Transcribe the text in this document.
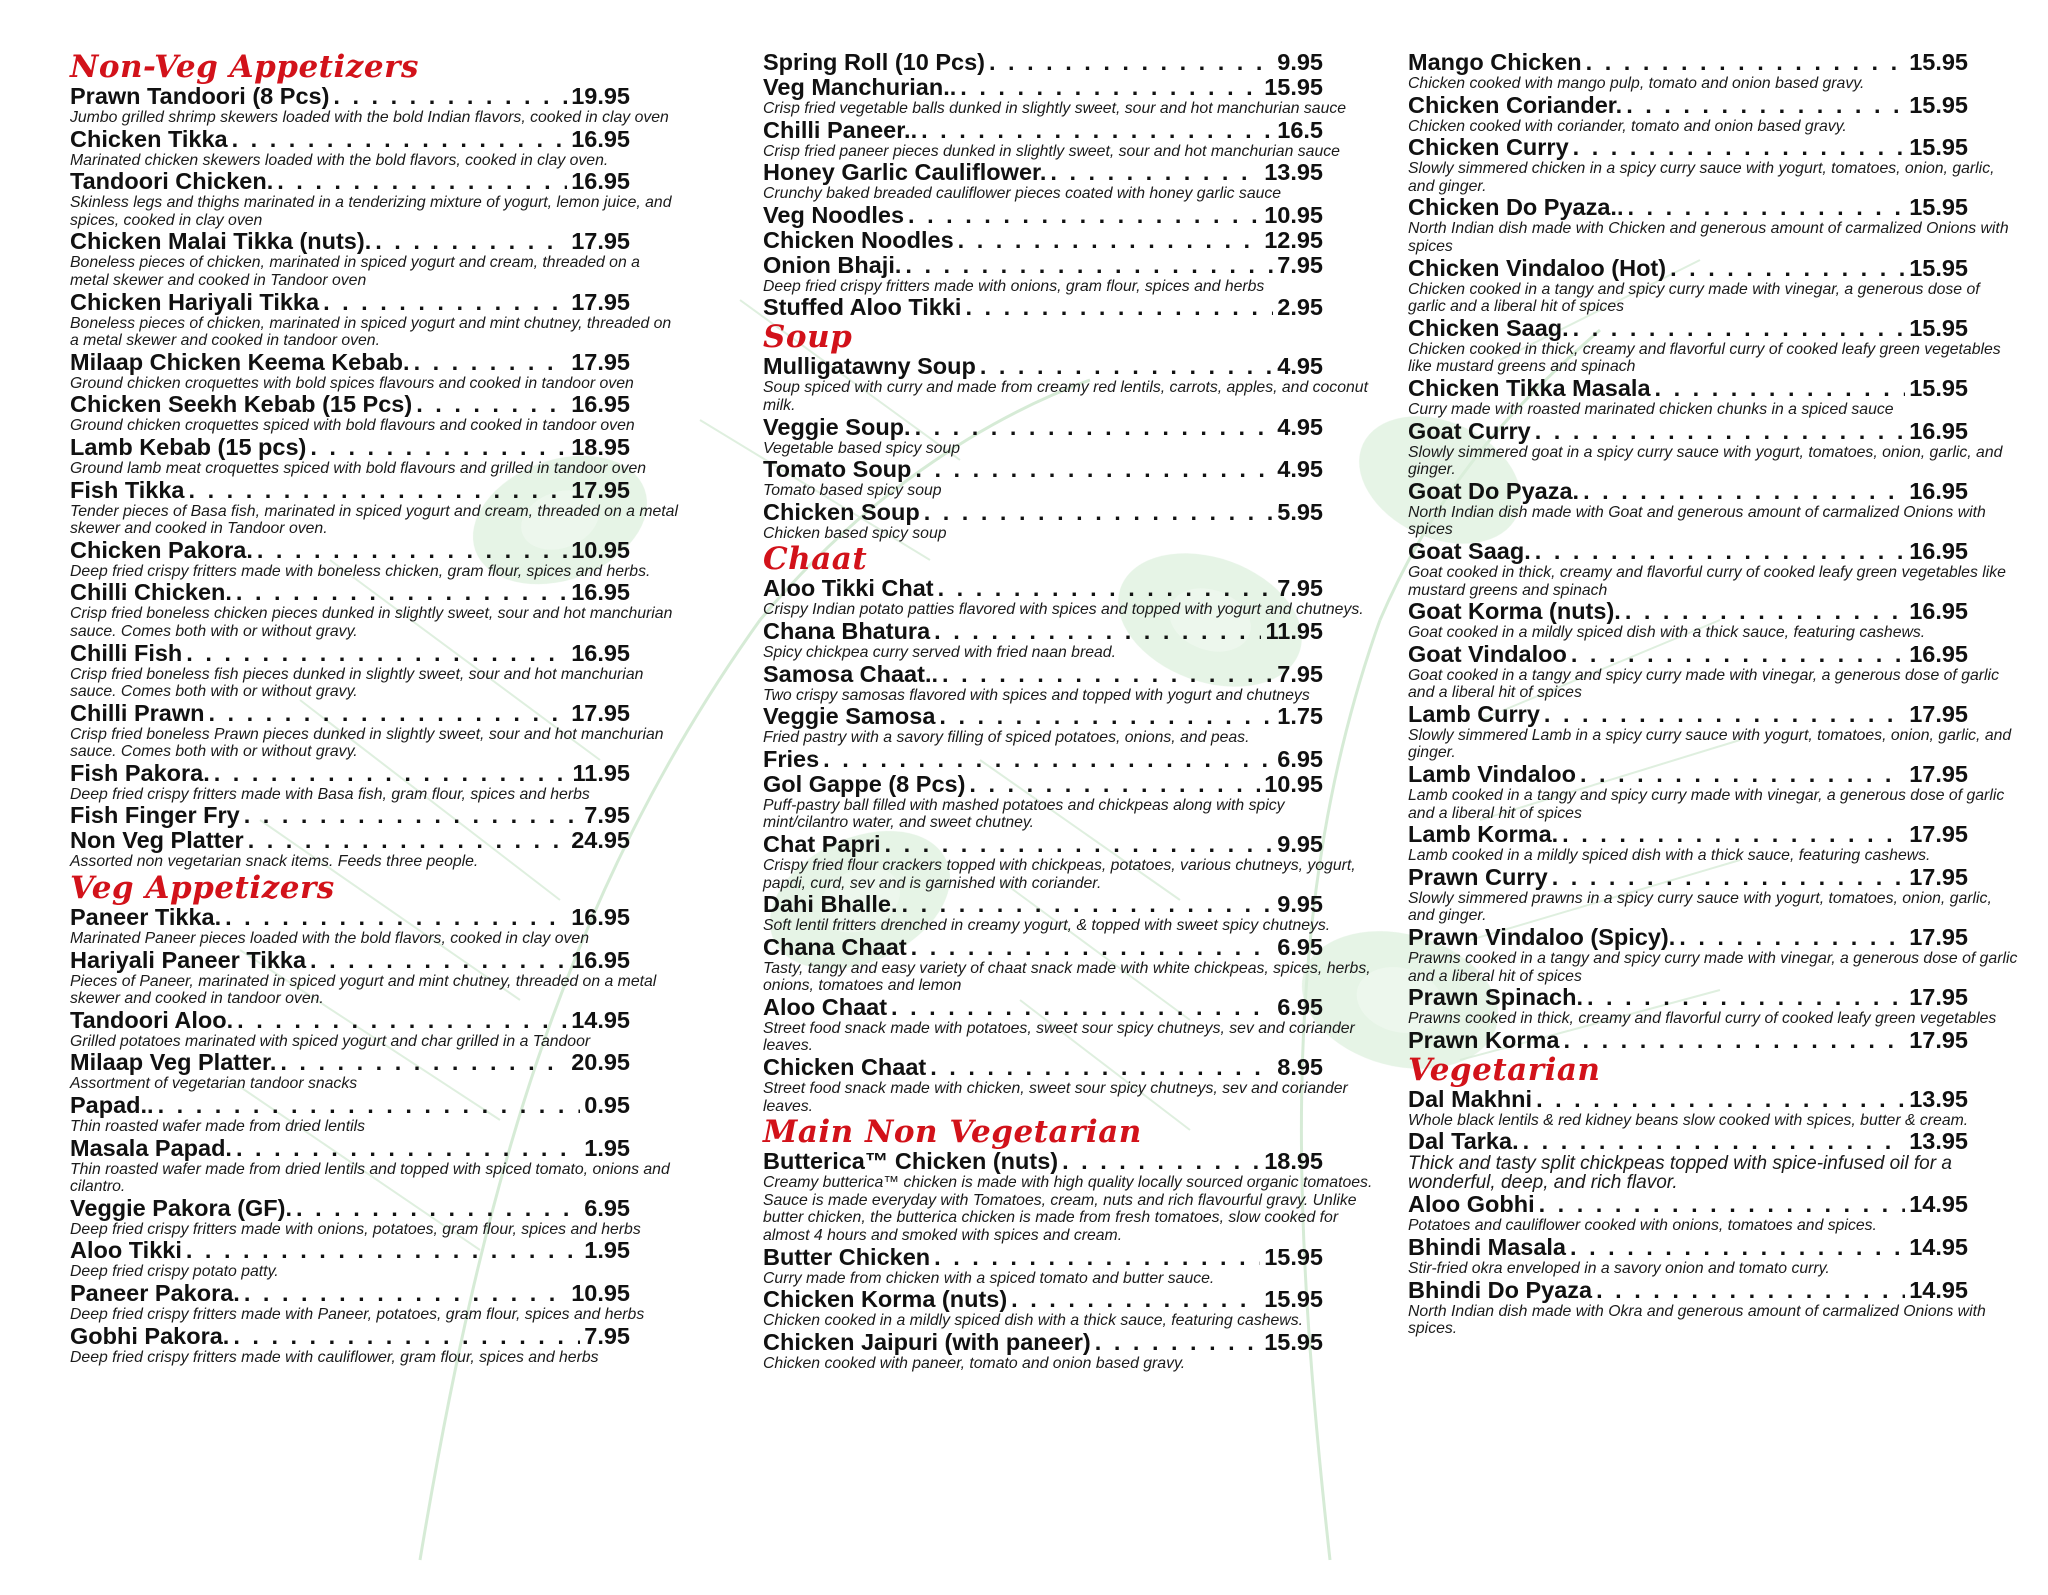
Non-Veg Appetizers
Prawn Tandoori (8 Pcs) . . .	19.95
Jumbo grilled shrimp skewers loaded with the bold Indian flavors, cooked in clay oven
Chicken Tikka . . .	16.95
Marinated chicken skewers loaded with the bold flavors, cooked in clay oven.
Tandoori Chicken. . . .	16.95
Skinless legs and thighs marinated in a tenderizing mixture of yogurt, lemon juice, and spices, cooked in clay oven
Chicken Malai Tikka (nuts). . . .	17.95
Boneless pieces of chicken, marinated in spiced yogurt and cream, threaded on a metal skewer and cooked in Tandoor oven
Chicken Hariyali Tikka . . .	17.95
Boneless pieces of chicken, marinated in spiced yogurt and mint chutney, threaded on a metal skewer and cooked in tandoor oven.
Milaap Chicken Keema Kebab. . . .	17.95
Ground chicken croquettes with bold spices flavours and cooked in tandoor oven
Chicken Seekh Kebab (15 Pcs) . . .	16.95
Ground chicken croquettes spiced with bold flavours and cooked in tandoor oven
Lamb Kebab (15 pcs) . . .	18.95
Ground lamb meat croquettes spiced with bold flavours and grilled in tandoor oven
Fish Tikka . . .	17.95
Tender pieces of Basa fish, marinated in spiced yogurt and cream, threaded on a metal skewer and cooked in Tandoor oven.
Chicken Pakora. . . .	10.95
Deep fried crispy fritters made with boneless chicken, gram flour, spices and herbs.
Chilli Chicken. . . .	16.95
Crisp fried boneless chicken pieces dunked in slightly sweet, sour and hot manchurian sauce. Comes both with or without gravy.
Chilli Fish . . .	16.95
Crisp fried boneless fish pieces dunked in slightly sweet, sour and hot manchurian sauce. Comes both with or without gravy.
Chilli Prawn . . .	17.95
Crisp fried boneless Prawn pieces dunked in slightly sweet, sour and hot manchurian sauce. Comes both with or without gravy.
Fish Pakora. . . .	11.95
Deep fried crispy fritters made with Basa fish, gram flour, spices and herbs
Fish Finger Fry . . .	7.95
Non Veg Platter . . .	24.95
Assorted non vegetarian snack items. Feeds three people.
Veg Appetizers
Paneer Tikka. . . .	16.95
Marinated Paneer pieces loaded with the bold flavors, cooked in clay oven
Hariyali Paneer Tikka . . .	16.95
Pieces of Paneer, marinated in spiced yogurt and mint chutney, threaded on a metal skewer and cooked in tandoor oven.
Tandoori Aloo. . . .	14.95
Grilled potatoes marinated with spiced yogurt and char grilled in a Tandoor
Milaap Veg Platter. . . .	20.95
Assortment of vegetarian tandoor snacks
Papad.. . . .	0.95
Thin roasted wafer made from dried lentils
Masala Papad. . . .	1.95
Thin roasted wafer made from dried lentils and topped with spiced tomato, onions and cilantro.
Veggie Pakora (GF). . . .	6.95
Deep fried crispy fritters made with onions, potatoes, gram flour, spices and herbs
Aloo Tikki . . .	1.95
Deep fried crispy potato patty.
Paneer Pakora. . . .	10.95
Deep fried crispy fritters made with Paneer, potatoes, gram flour, spices and herbs
Gobhi Pakora. . . .	7.95
Deep fried crispy fritters made with cauliflower, gram flour, spices and herbs
Spring Roll (10 Pcs) . . .	9.95
Veg Manchurian.. . . .	15.95
Crisp fried vegetable balls dunked in slightly sweet, sour and hot manchurian sauce
Chilli Paneer.. . . .	16.5
Crisp fried paneer pieces dunked in slightly sweet, sour and hot manchurian sauce
Honey Garlic Cauliflower. . . .	13.95
Crunchy baked breaded cauliflower pieces coated with honey garlic sauce
Veg Noodles . . .	10.95
Chicken Noodles . . .	12.95
Onion Bhaji. . . .	7.95
Deep fried crispy fritters made with onions, gram flour, spices and herbs
Stuffed Aloo Tikki . . .	2.95
Soup
Mulligatawny Soup . . .	4.95
Soup spiced with curry and made from creamy red lentils, carrots, apples, and coconut milk.
Veggie Soup. . . .	4.95
Vegetable based spicy soup
Tomato Soup . . .	4.95
Tomato based spicy soup
Chicken Soup . . .	5.95
Chicken based spicy soup
Chaat
Aloo Tikki Chat . . .	7.95
Crispy Indian potato patties flavored with spices and topped with yogurt and chutneys.
Chana Bhatura . . .	11.95
Spicy chickpea curry served with fried naan bread.
Samosa Chaat.. . . .	7.95
Two crispy samosas flavored with spices and topped with yogurt and chutneys
Veggie Samosa . . .	1.75
Fried pastry with a savory filling of spiced potatoes, onions, and peas.
Fries . . .	6.95
Gol Gappe (8 Pcs) . . .	10.95
Puff-pastry ball filled with mashed potatoes and chickpeas along with spicy mint/cilantro water, and sweet chutney.
Chat Papri . . .	9.95
Crispy fried flour crackers topped with chickpeas, potatoes, various chutneys, yogurt, papdi, curd, sev and is garnished with coriander.
Dahi Bhalle. . . .	9.95
Soft lentil fritters drenched in creamy yogurt, & topped with sweet spicy chutneys.
Chana Chaat . . .	6.95
Tasty, tangy and easy variety of chaat snack made with white chickpeas, spices, herbs, onions, tomatoes and lemon
Aloo Chaat . . .	6.95
Street food snack made with potatoes, sweet sour spicy chutneys, sev and coriander leaves.
Chicken Chaat . . .	8.95
Street food snack made with chicken, sweet sour spicy chutneys, sev and coriander leaves.
Main Non Vegetarian
Butterica™ Chicken (nuts) . . .	18.95
Creamy butterica™ chicken is made with high quality locally sourced organic tomatoes. Sauce is made everyday with Tomatoes, cream, nuts and rich flavourful gravy. Unlike butter chicken, the butterica chicken is made from fresh tomatoes, slow cooked for almost 4 hours and smoked with spices and cream.
Butter Chicken . . .	15.95
Curry made from chicken with a spiced tomato and butter sauce.
Chicken Korma (nuts) . . .	15.95
Chicken cooked in a mildly spiced dish with a thick sauce, featuring cashews.
Chicken Jaipuri (with paneer) . . .	15.95
Chicken cooked with paneer, tomato and onion based gravy.
Mango Chicken . . .	15.95
Chicken cooked with mango pulp, tomato and onion based gravy.
Chicken Coriander. . . .	15.95
Chicken cooked with coriander, tomato and onion based gravy.
Chicken Curry . . .	15.95
Slowly simmered chicken in a spicy curry sauce with yogurt, tomatoes, onion, garlic, and ginger.
Chicken Do Pyaza.. . . .	15.95
North Indian dish made with Chicken and generous amount of carmalized Onions with spices
Chicken Vindaloo (Hot) . . .	15.95
Chicken cooked in a tangy and spicy curry made with vinegar, a generous dose of garlic and a liberal hit of spices
Chicken Saag. . . .	15.95
Chicken cooked in thick, creamy and flavorful curry of cooked leafy green vegetables like mustard greens and spinach
Chicken Tikka Masala . . .	15.95
Curry made with roasted marinated chicken chunks in a spiced sauce
Goat Curry . . .	16.95
Slowly simmered goat in a spicy curry sauce with yogurt, tomatoes, onion, garlic, and ginger.
Goat Do Pyaza. . . .	16.95
North Indian dish made with Goat and generous amount of carmalized Onions with spices
Goat Saag. . . .	16.95
Goat cooked in thick, creamy and flavorful curry of cooked leafy green vegetables like mustard greens and spinach
Goat Korma (nuts). . . .	16.95
Goat cooked in a mildly spiced dish with a thick sauce, featuring cashews.
Goat Vindaloo . . .	16.95
Goat cooked in a tangy and spicy curry made with vinegar, a generous dose of garlic and a liberal hit of spices
Lamb Curry . . .	17.95
Slowly simmered Lamb in a spicy curry sauce with yogurt, tomatoes, onion, garlic, and ginger.
Lamb Vindaloo . . .	17.95
Lamb cooked in a tangy and spicy curry made with vinegar, a generous dose of garlic and a liberal hit of spices
Lamb Korma. . . .	17.95
Lamb cooked in a mildly spiced dish with a thick sauce, featuring cashews.
Prawn Curry . . .	17.95
Slowly simmered prawns in a spicy curry sauce with yogurt, tomatoes, onion, garlic, and ginger.
Prawn Vindaloo (Spicy). . . .	17.95
Prawns cooked in a tangy and spicy curry made with vinegar, a generous dose of garlic and a liberal hit of spices
Prawn Spinach. . . .	17.95
Prawns cooked in thick, creamy and flavorful curry of cooked leafy green vegetables
Prawn Korma . . .	17.95
Vegetarian
Dal Makhni . . .	13.95
Whole black lentils & red kidney beans slow cooked with spices, butter & cream.
Dal Tarka. . . .	13.95
Thick and tasty split chickpeas topped with spice-infused oil for a wonderful, deep, and rich flavor.
Aloo Gobhi . . .	14.95
Potatoes and cauliflower cooked with onions, tomatoes and spices.
Bhindi Masala . . .	14.95
Stir-fried okra enveloped in a savory onion and tomato curry.
Bhindi Do Pyaza . . .	14.95
North Indian dish made with Okra and generous amount of carmalized Onions with spices.
